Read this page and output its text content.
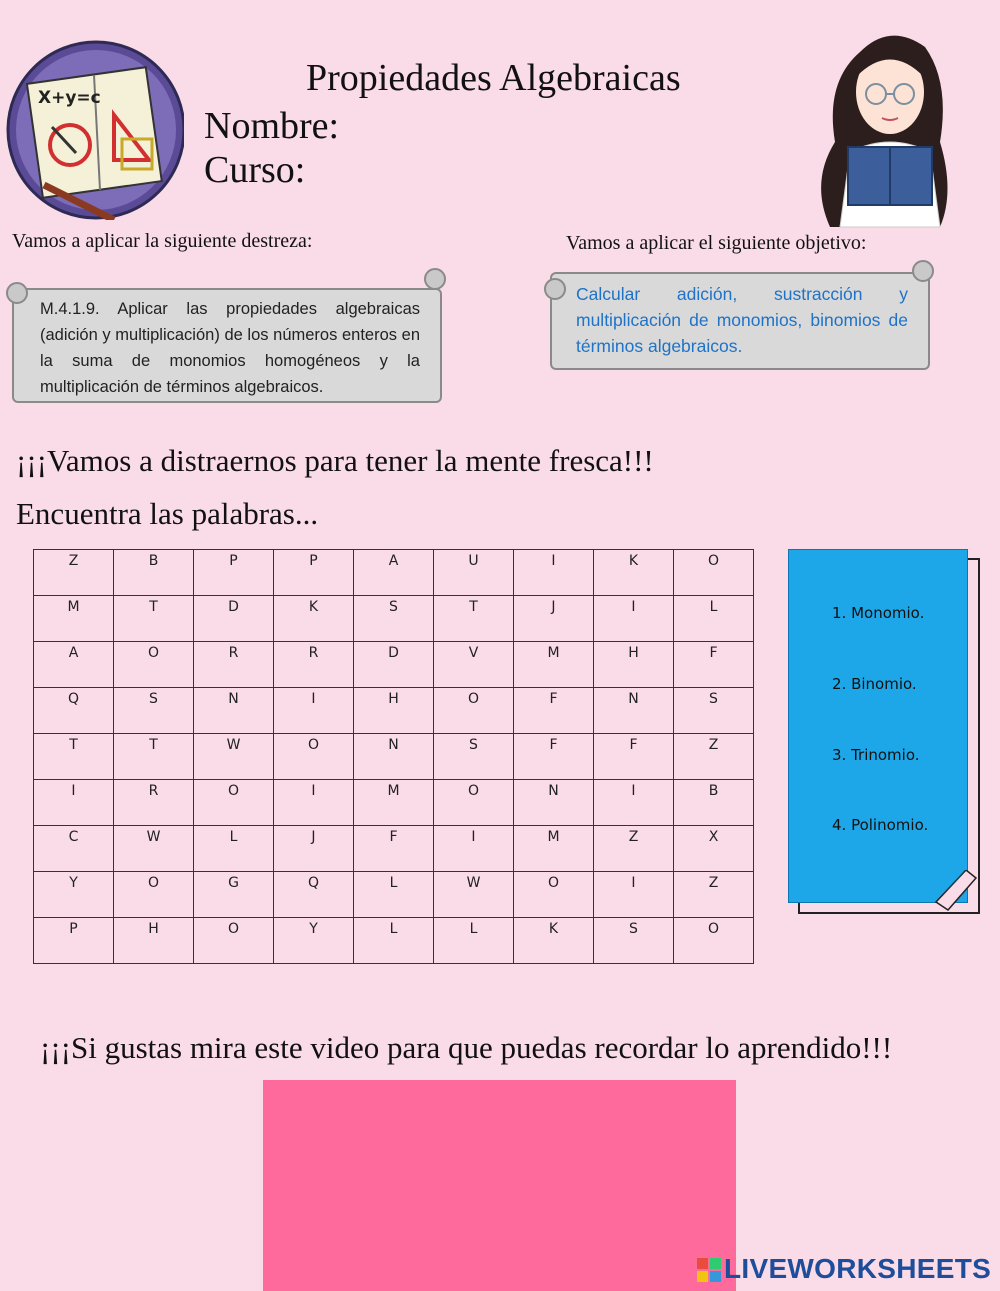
X+y=c	Propiedades Algebraicas
Nombre:
Curso:
Vamos a aplicar la siguiente destreza:	Vamos a aplicar el siguiente objetivo:
M.4.1.9. Aplicar las propiedades algebraicas (adición y multiplicación) de los números enteros en la suma de monomios homogéneos y la multiplicación de términos algebraicos.
Calcular adición, sustracción y multiplicación de monomios, binomios de términos algebraicos.
¡¡¡Vamos a distraernos para tener la mente fresca!!!
Encuentra las palabras...
Z	B	P	P	A	U	I	K	O
M	T	D	K	S	T	J	I	L
A	O	R	R	D	V	M	H	F
Q	S	N	I	H	O	F	N	S
T	T	W	O	N	S	F	F	Z
I	R	O	I	M	O	N	I	B
C	W	L	J	F	I	M	Z	X
Y	O	G	Q	L	W	O	I	Z
P	H	O	Y	L	L	K	S	O
1. Monomio.
2. Binomio.
3. Trinomio.
4. Polinomio.
¡¡¡Si gustas mira este video para que puedas recordar lo aprendido!!!
LIVEWORKSHEETS
